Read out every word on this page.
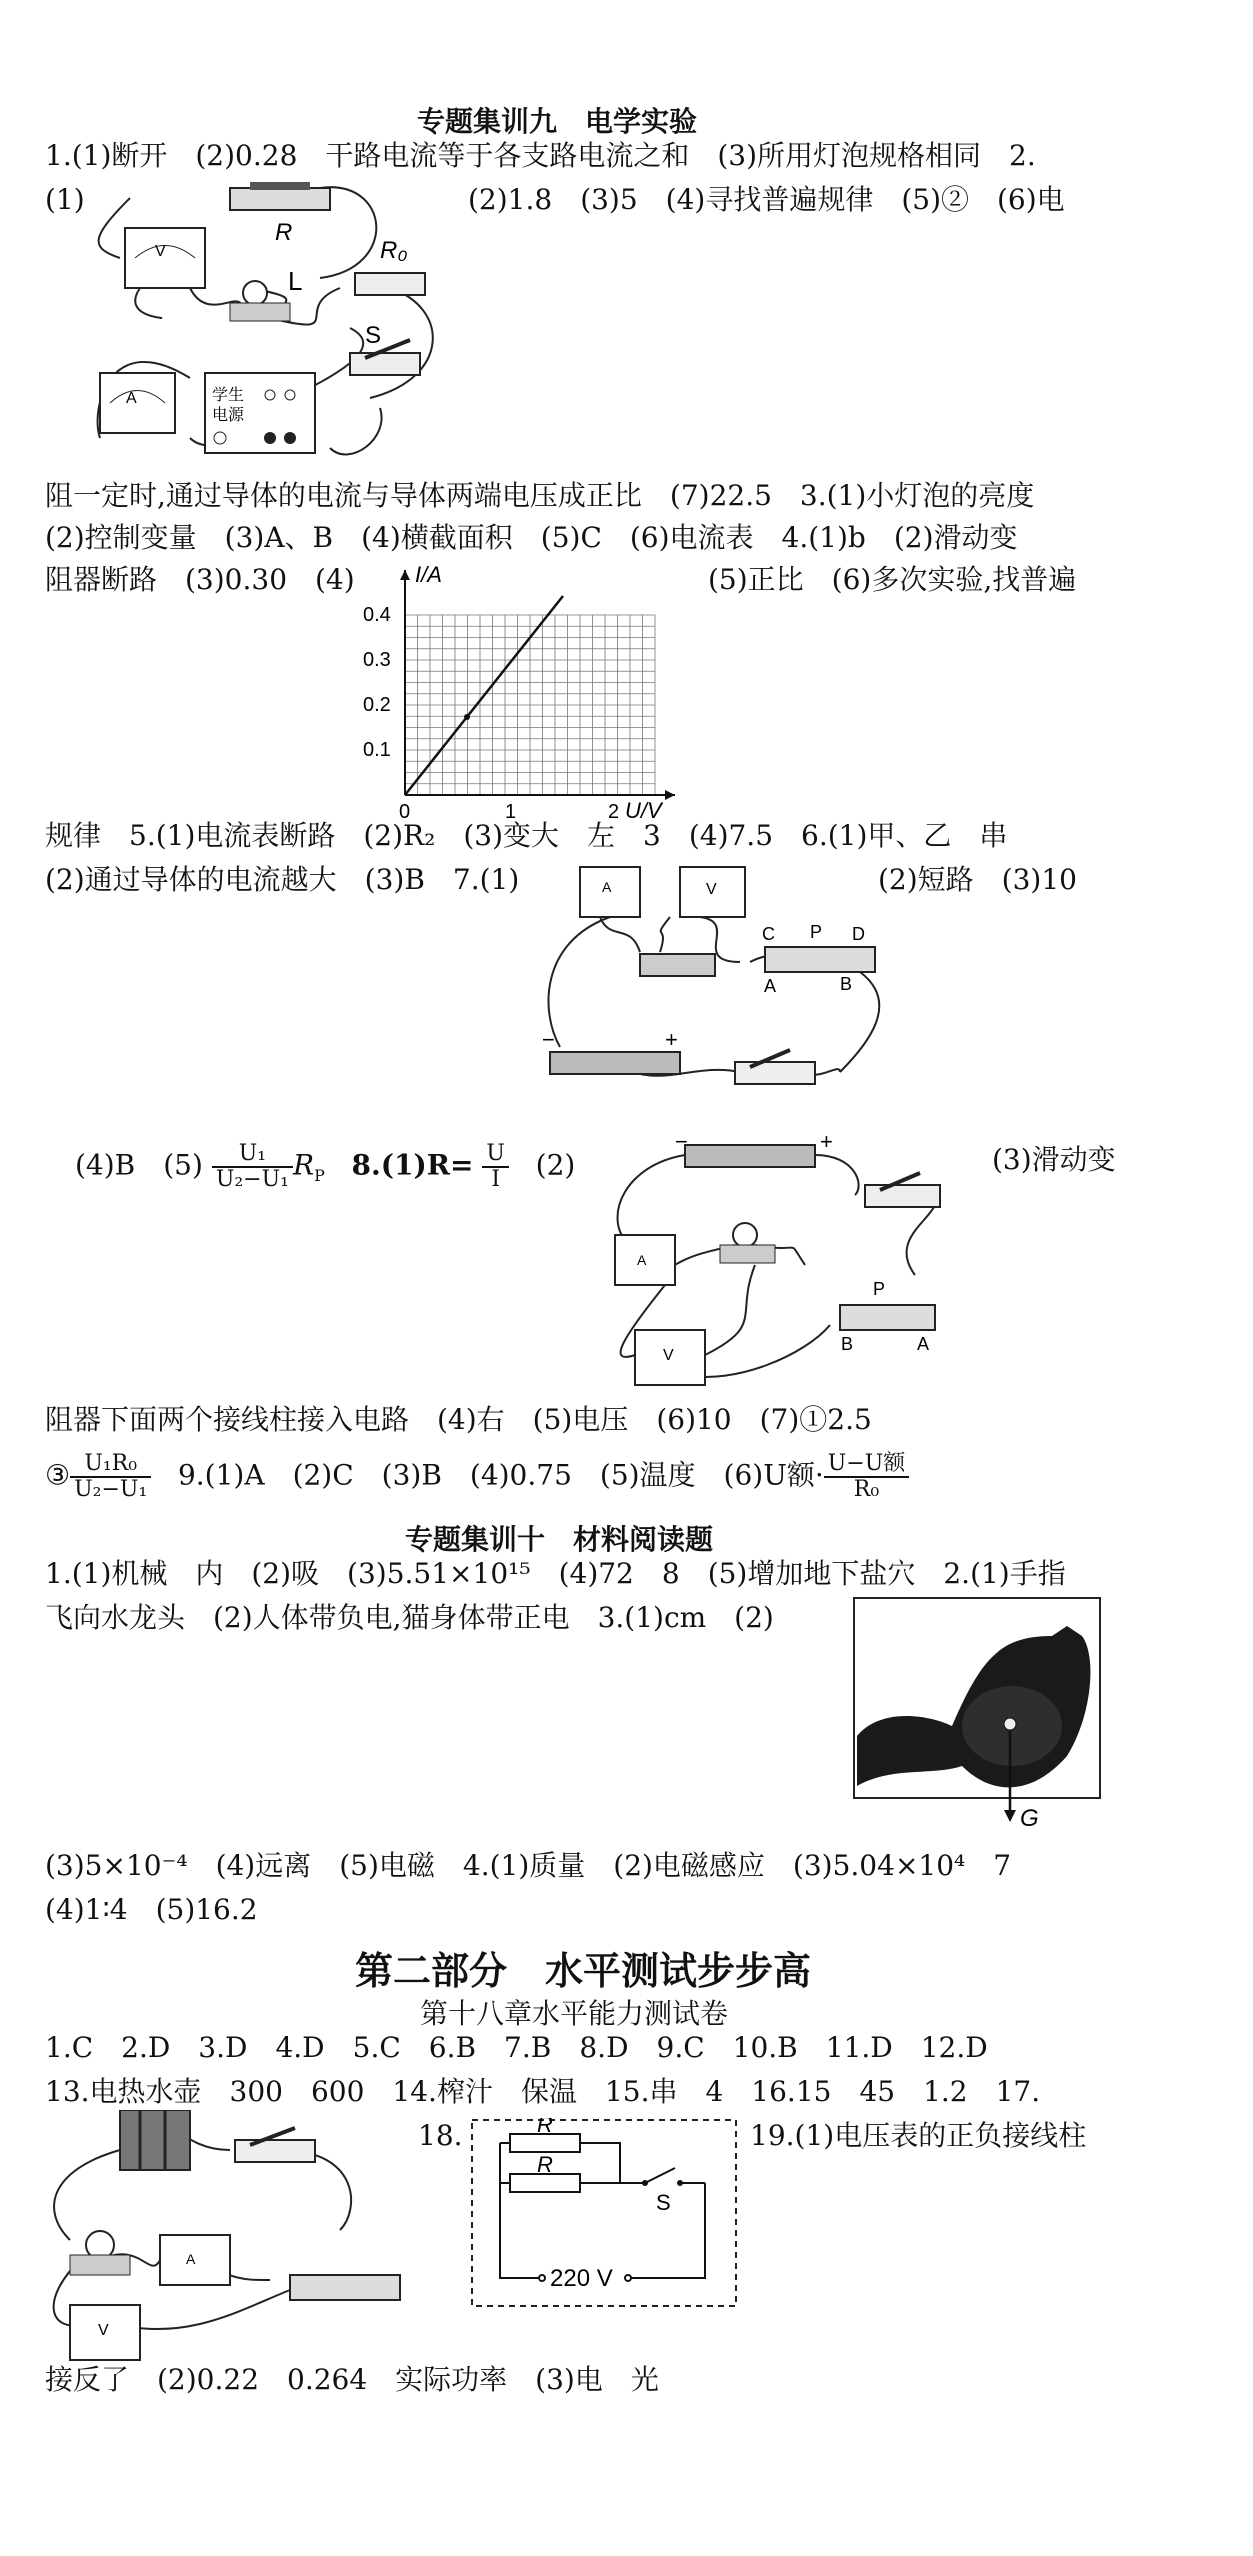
专题集训九　电学实验
1.(1)断开　(2)0.28　干路电流等于各支路电流之和　(3)所用灯泡规格相同　2.
(1)	(2)1.8　(3)5　(4)寻找普遍规律　(5)②　(6)电
R
V	R₀
L
S
A	学生
电源
阻一定时,通过导体的电流与导体两端电压成正比　(7)22.5　3.(1)小灯泡的亮度
(2)控制变量　(3)A、B　(4)横截面积　(5)C　(6)电流表　4.(1)b　(2)滑动变
阻器断路　(3)0.30　(4)	(5)正比　(6)多次实验,找普遍
I/A
U/V
0.1
0.2
0.3
0.4
0	1	2
规律　5.(1)电流表断路　(2)R₂　(3)变大　左　3　(4)7.5　6.(1)甲、乙　串
(2)通过导体的电流越大　(3)B　7.(1)	(2)短路　(3)10
A	V
C P D
A	B
−	+
(4)B　$(5) \frac{\text{U₁}}{\text{U₂−U₁}} R_P$ $8.(1)R= \frac{U}{I} (2)$	(3)滑动变
−	+
A
P
B	A
V
阻器下面两个接线柱接入电路　(4)右　(5)电压　(6)10　(7)①2.5
③ $\frac{\text{U₁R₀}}{\text{U₂−U₁}} 9.(1)A$　(2)C　(3)B　(4)0.75　(5)温度　(6)U额· $\frac{\text{U−U额}}{\text{R₀}}$
专题集训十　材料阅读题
1.(1)机械　内　(2)吸　(3)5.51×10¹⁵　(4)72　8　(5)增加地下盐穴　2.(1)手指
飞向水龙头　(2)人体带负电,猫身体带正电　3.(1)cm　(2)
G
(3)5×10⁻⁴　(4)远离　(5)电磁　4.(1)质量　(2)电磁感应　(3)5.04×10⁴　7
(4)1∶4　(5)16.2
第二部分　水平测试步步高
第十八章水平能力测试卷
1.C　2.D　3.D　4.D　5.C　6.B　7.B　8.D　9.C　10.B　11.D　12.D
13.电热水壶　300　600　14.榨汁　保温　15.串　4　16.15　45　1.2　17.
A
V
18.	R
R
S
220 V
19.(1)电压表的正负接线柱
接反了　(2)0.22　0.264　实际功率　(3)电　光
